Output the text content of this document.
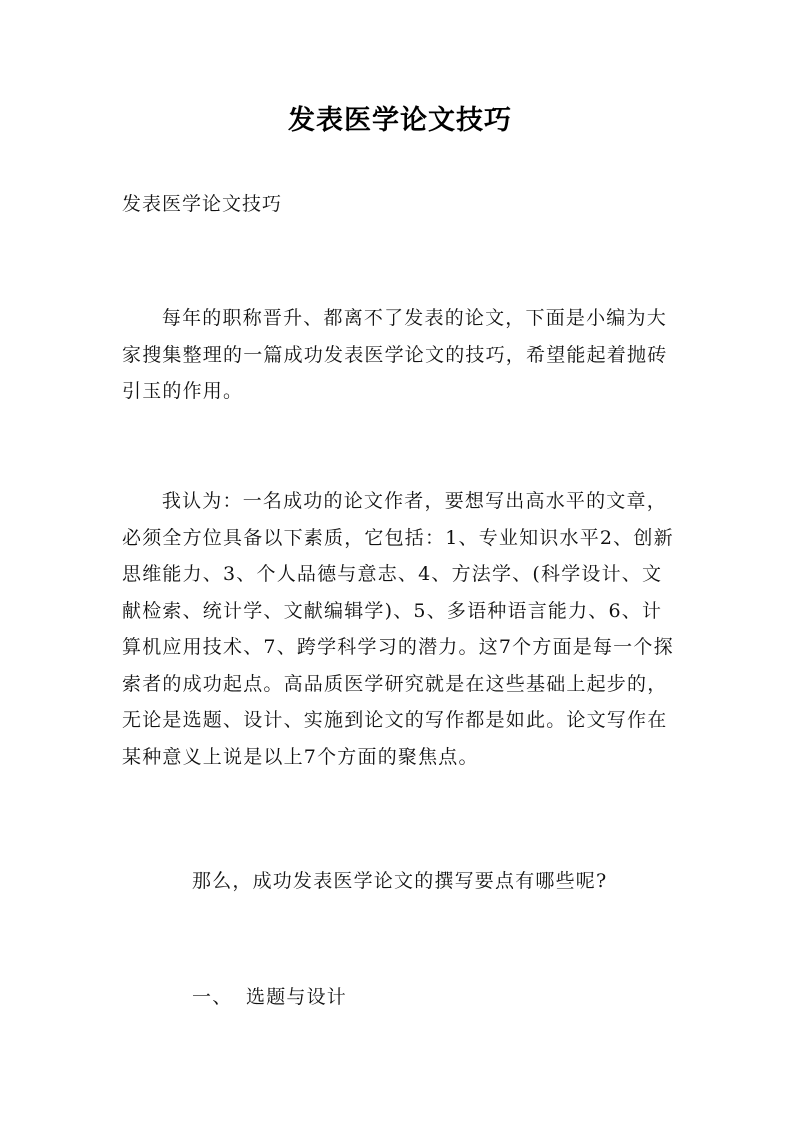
发表医学论文技巧
发表医学论文技巧

每年的职称晋升、都离不了发表的论文，下面是小编为大家搜集整理的一篇成功发表医学论文的技巧，希望能起着抛砖引玉的作用。

我认为：一名成功的论文作者，要想写出高水平的文章，必须全方位具备以下素质，它包括：1、专业知识水平2、创新思维能力、3、个人品德与意志、4、方法学、(科学设计、文献检索、统计学、文献编辑学)、5、多语种语言能力、6、计算机应用技术、7、跨学科学习的潜力。这7个方面是每一个探索者的成功起点。高品质医学研究就是在这些基础上起步的，无论是选题、设计、实施到论文的写作都是如此。论文写作在某种意义上说是以上7个方面的聚焦点。

那么，成功发表医学论文的撰写要点有哪些呢?
一、 选题与设计
